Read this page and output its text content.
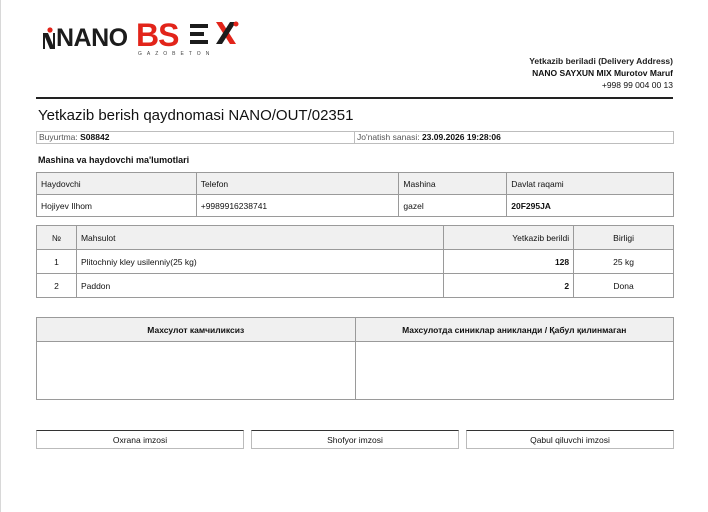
NANO BS
GAZOBETON
Yetkazib beriladi (Delivery Address)
NANO SAYXUN MIX Murotov Maruf
+998 99 004 00 13
Yetkazib berish qaydnomasi NANO/OUT/02351
Buyurtma: S08842	Jo'natish sanasi: 23.09.2026 19:28:06
Mashina va haydovchi ma'lumotlari
Haydovchi	Telefon	Mashina	Davlat raqami
Hojiyev Ilhom	+9989916238741	gazel	20F295JA
№	Mahsulot	Yetkazib berildi	Birligi
1	Plitochniy kley usilenniy(25 kg)	128	25 kg
2	Paddon	2	Dona
Махсулот камчиликсиз	Махсулотда синиклар аникланди / Қабул қилинмаган

Oxrana imzosi	Shofyor imzosi	Qabul qiluvchi imzosi
